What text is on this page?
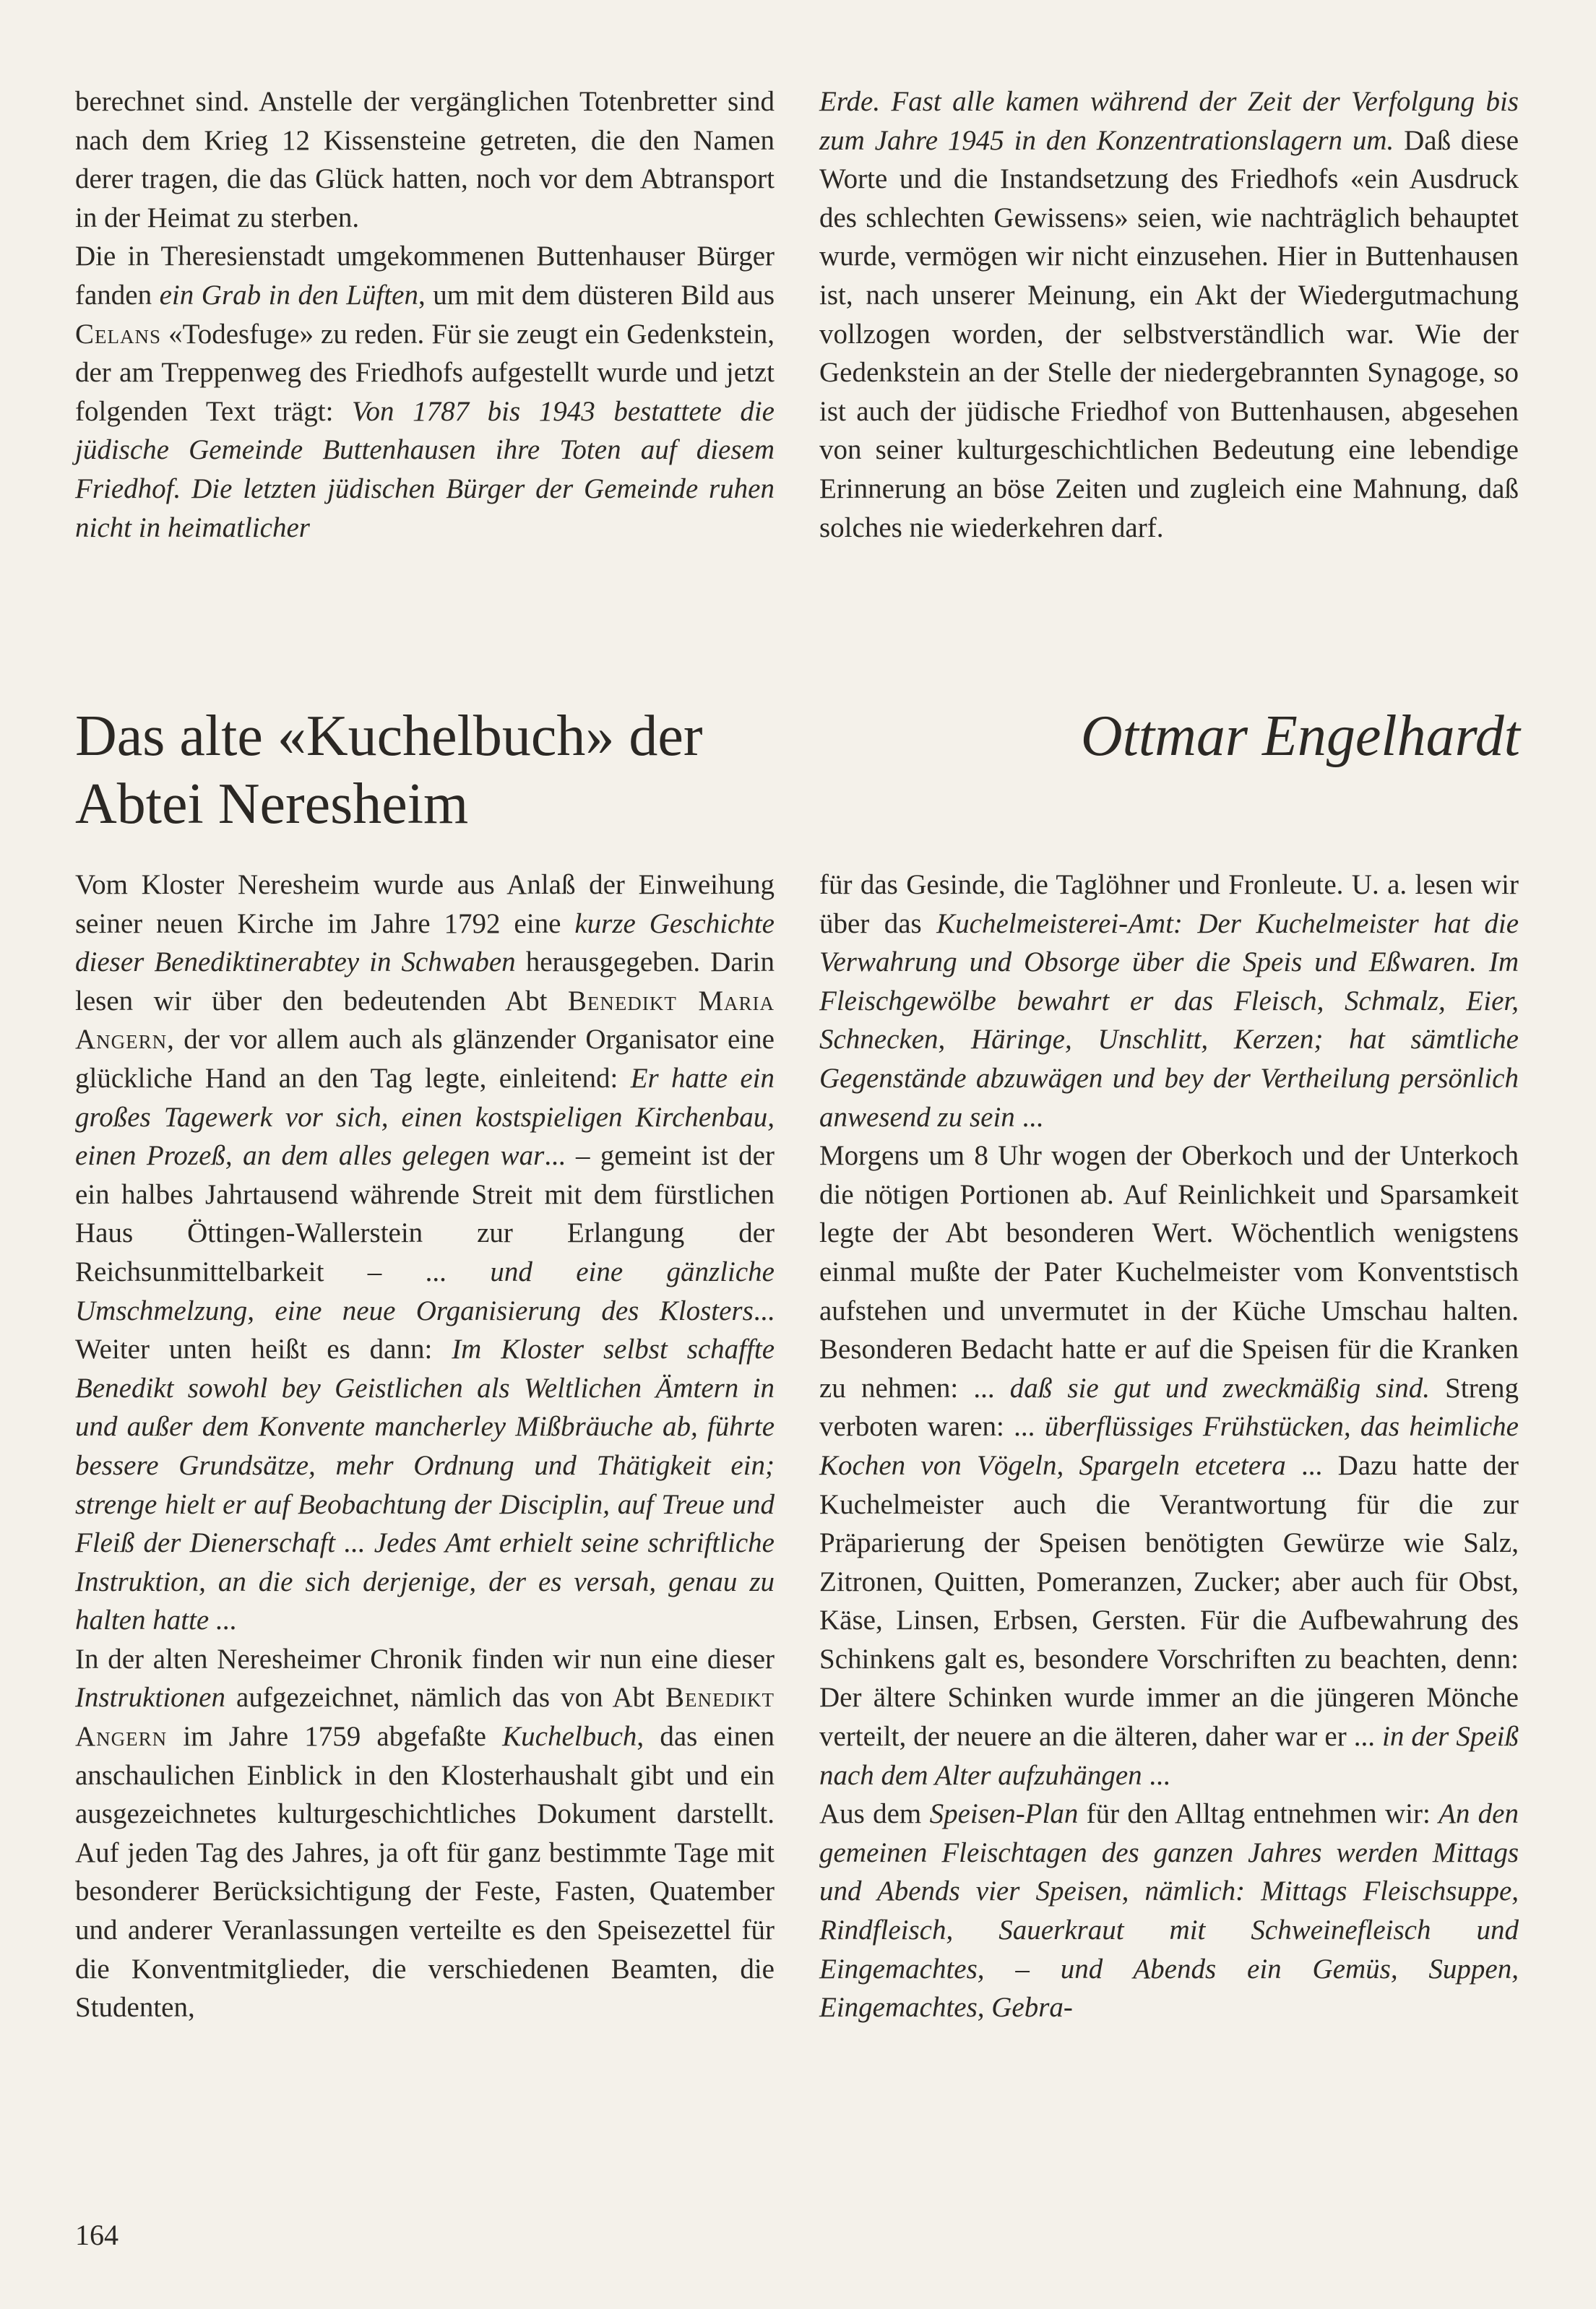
berechnet sind. Anstelle der vergänglichen Totenbretter sind nach dem Krieg 12 Kissensteine getreten, die den Namen derer tragen, die das Glück hatten, noch vor dem Abtransport in der Heimat zu sterben.

Die in Theresienstadt umgekommenen Buttenhauser Bürger fanden ein Grab in den Lüften, um mit dem düsteren Bild aus Celans «Todesfuge» zu reden. Für sie zeugt ein Gedenkstein, der am Treppenweg des Friedhofs aufgestellt wurde und jetzt folgenden Text trägt: Von 1787 bis 1943 bestattete die jüdische Gemeinde Buttenhausen ihre Toten auf diesem Friedhof. Die letzten jüdischen Bürger der Gemeinde ruhen nicht in heimatlicher

Erde. Fast alle kamen während der Zeit der Verfolgung bis zum Jahre 1945 in den Konzentrationslagern um. Daß diese Worte und die Instandsetzung des Friedhofs «ein Ausdruck des schlechten Gewissens» seien, wie nachträglich behauptet wurde, vermögen wir nicht einzusehen. Hier in Buttenhausen ist, nach unserer Meinung, ein Akt der Wiedergutmachung vollzogen worden, der selbstverständlich war. Wie der Gedenkstein an der Stelle der niedergebrannten Synagoge, so ist auch der jüdische Friedhof von Buttenhausen, abgesehen von seiner kulturgeschichtlichen Bedeutung eine lebendige Erinnerung an böse Zeiten und zugleich eine Mahnung, daß solches nie wiederkehren darf.

Das alte «Kuchelbuch» der
Abtei Neresheim
Ottmar Engelhardt

Vom Kloster Neresheim wurde aus Anlaß der Einweihung seiner neuen Kirche im Jahre 1792 eine kurze Geschichte dieser Benediktinerabtey in Schwaben herausgegeben. Darin lesen wir über den bedeutenden Abt Benedikt Maria Angern, der vor allem auch als glänzender Organisator eine glückliche Hand an den Tag legte, einleitend: Er hatte ein großes Tagewerk vor sich, einen kostspieligen Kirchenbau, einen Prozeß, an dem alles gelegen war... – gemeint ist der ein halbes Jahrtausend währende Streit mit dem fürstlichen Haus Öttingen-Wallerstein zur Erlangung der Reichsunmittelbarkeit – ... und eine gänzliche Umschmelzung, eine neue Organisierung des Klosters... Weiter unten heißt es dann: Im Kloster selbst schaffte Benedikt sowohl bey Geistlichen als Weltlichen Ämtern in und außer dem Konvente mancherley Mißbräuche ab, führte bessere Grundsätze, mehr Ordnung und Thätigkeit ein; strenge hielt er auf Beobachtung der Disciplin, auf Treue und Fleiß der Dienerschaft ... Jedes Amt erhielt seine schriftliche Instruktion, an die sich derjenige, der es versah, genau zu halten hatte ...

In der alten Neresheimer Chronik finden wir nun eine dieser Instruktionen aufgezeichnet, nämlich das von Abt Benedikt Angern im Jahre 1759 abgefaßte Kuchelbuch, das einen anschaulichen Einblick in den Klosterhaushalt gibt und ein ausgezeichnetes kulturgeschichtliches Dokument darstellt. Auf jeden Tag des Jahres, ja oft für ganz bestimmte Tage mit besonderer Berücksichtigung der Feste, Fasten, Quatember und anderer Veranlassungen verteilte es den Speisezettel für die Konventmitglieder, die verschiedenen Beamten, die Studenten,

für das Gesinde, die Taglöhner und Fronleute. U. a. lesen wir über das Kuchelmeisterei-Amt: Der Kuchelmeister hat die Verwahrung und Obsorge über die Speis und Eßwaren. Im Fleischgewölbe bewahrt er das Fleisch, Schmalz, Eier, Schnecken, Häringe, Unschlitt, Kerzen; hat sämtliche Gegenstände abzuwägen und bey der Vertheilung persönlich anwesend zu sein ...

Morgens um 8 Uhr wogen der Oberkoch und der Unterkoch die nötigen Portionen ab. Auf Reinlichkeit und Sparsamkeit legte der Abt besonderen Wert. Wöchentlich wenigstens einmal mußte der Pater Kuchelmeister vom Konventstisch aufstehen und unvermutet in der Küche Umschau halten. Besonderen Bedacht hatte er auf die Speisen für die Kranken zu nehmen: ... daß sie gut und zweckmäßig sind. Streng verboten waren: ... überflüssiges Frühstücken, das heimliche Kochen von Vögeln, Spargeln etcetera ... Dazu hatte der Kuchelmeister auch die Verantwortung für die zur Präparierung der Speisen benötigten Gewürze wie Salz, Zitronen, Quitten, Pomeranzen, Zucker; aber auch für Obst, Käse, Linsen, Erbsen, Gersten. Für die Aufbewahrung des Schinkens galt es, besondere Vorschriften zu beachten, denn: Der ältere Schinken wurde immer an die jüngeren Mönche verteilt, der neuere an die älteren, daher war er ... in der Speiß nach dem Alter aufzuhängen ...

Aus dem Speisen-Plan für den Alltag entnehmen wir: An den gemeinen Fleischtagen des ganzen Jahres werden Mittags und Abends vier Speisen, nämlich: Mittags Fleischsuppe, Rindfleisch, Sauerkraut mit Schweinefleisch und Eingemachtes, – und Abends ein Gemüs, Suppen, Eingemachtes, Gebra-

164
